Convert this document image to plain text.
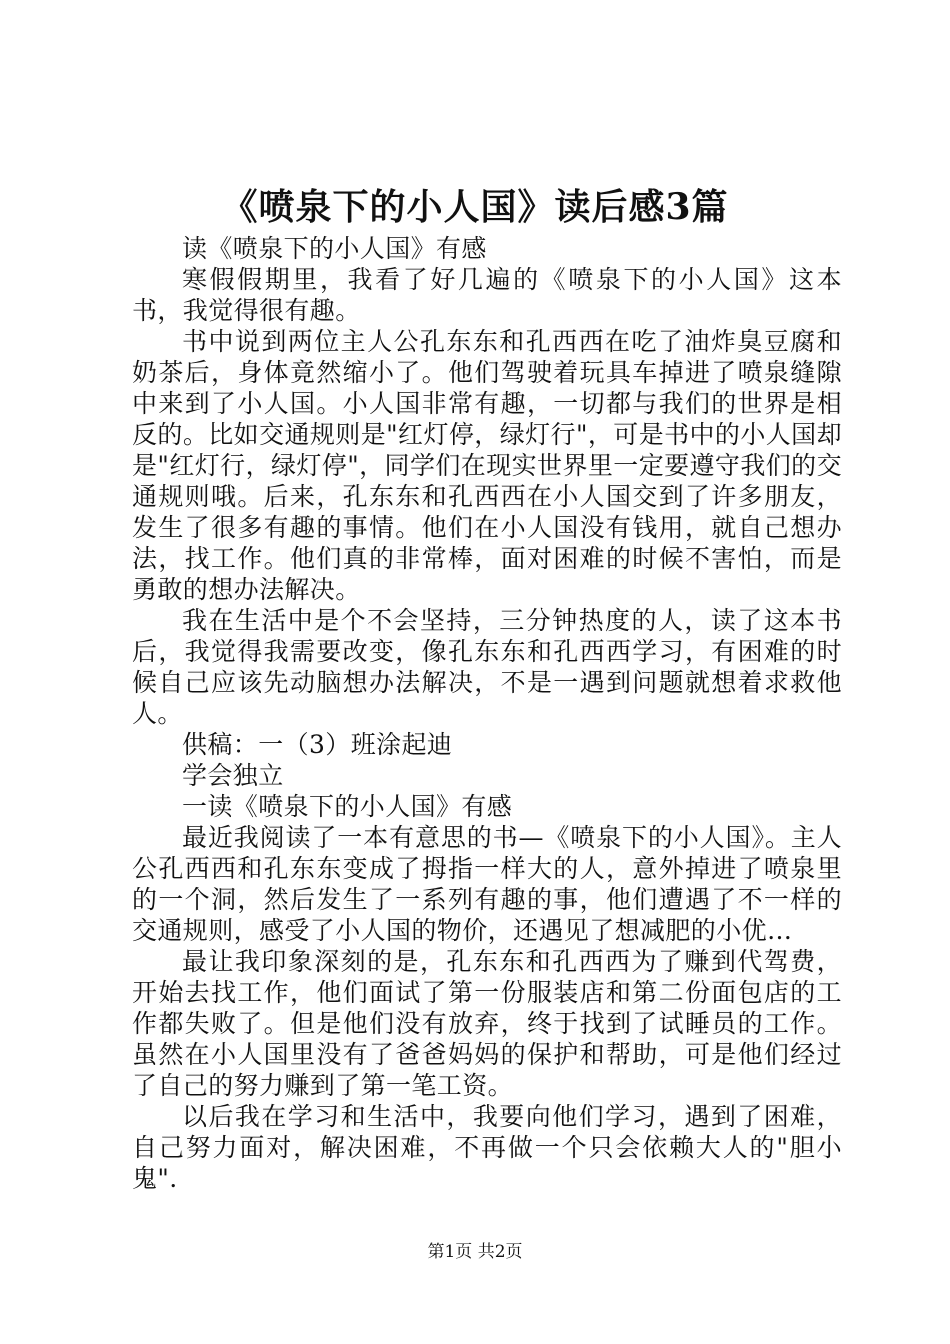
《喷泉下的小人国》读后感3篇

读《喷泉下的小人国》有感

寒假假期里，我看了好几遍的《喷泉下的小人国》这本书，我觉得很有趣。

书中说到两位主人公孔东东和孔西西在吃了油炸臭豆腐和奶茶后，身体竟然缩小了。他们驾驶着玩具车掉进了喷泉缝隙中来到了小人国。小人国非常有趣，一切都与我们的世界是相反的。比如交通规则是"红灯停，绿灯行"，可是书中的小人国却是"红灯行，绿灯停"，同学们在现实世界里一定要遵守我们的交通规则哦。后来，孔东东和孔西西在小人国交到了许多朋友，发生了很多有趣的事情。他们在小人国没有钱用，就自己想办法，找工作。他们真的非常棒，面对困难的时候不害怕，而是勇敢的想办法解决。

我在生活中是个不会坚持，三分钟热度的人，读了这本书后，我觉得我需要改变，像孔东东和孔西西学习，有困难的时候自己应该先动脑想办法解决，不是一遇到问题就想着求救他人。

供稿：一（3）班涂起迪

学会独立

一读《喷泉下的小人国》有感

最近我阅读了一本有意思的书—《喷泉下的小人国》。主人公孔西西和孔东东变成了拇指一样大的人，意外掉进了喷泉里的一个洞，然后发生了一系列有趣的事，他们遭遇了不一样的交通规则，感受了小人国的物价，还遇见了想减肥的小优…

最让我印象深刻的是，孔东东和孔西西为了赚到代驾费，开始去找工作，他们面试了第一份服装店和第二份面包店的工作都失败了。但是他们没有放弃，终于找到了试睡员的工作。虽然在小人国里没有了爸爸妈妈的保护和帮助，可是他们经过了自己的努力赚到了第一笔工资。

以后我在学习和生活中，我要向他们学习，遇到了困难，自己努力面对，解决困难，不再做一个只会依赖大人的"胆小鬼".

第1页 共2页
